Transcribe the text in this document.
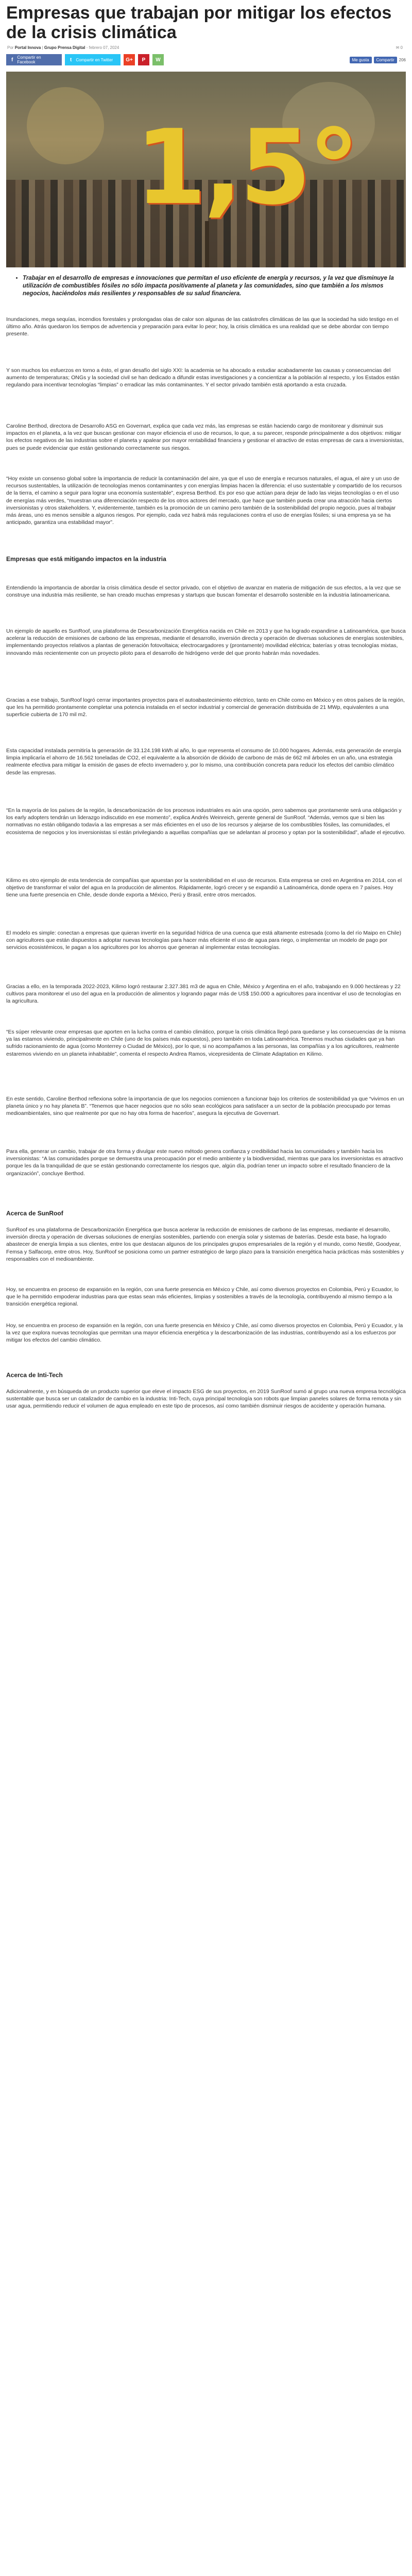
Empresas que trabajan por mitigar los efectos de la crisis climática
Por Portal Innova | Grupo Prensa Digital - febrero 07, 2024	✉ 0
f Compartir en Facebook	t Compartir en Twitter	G+	P	W	Me gusta	Compartir	206
1,5°
• Trabajar en el desarrollo de empresas e innovaciones que permitan el uso eficiente de energía y recursos, y la vez que disminuye la utilización de combustibles fósiles no sólo impacta positivamente al planeta y las comunidades, sino que también a los mismos negocios, haciéndolos más resilientes y responsables de su salud financiera.

Inundaciones, mega sequías, incendios forestales y prolongadas olas de calor son algunas de las catástrofes climáticas de las que la sociedad ha sido testigo en el último año. Atrás quedaron los tiempos de advertencia y preparación para evitar lo peor; hoy, la crisis climática es una realidad que se debe abordar con tiempo presente.

Y son muchos los esfuerzos en torno a ésto, el gran desafío del siglo XXI: la academia se ha abocado a estudiar acabadamente las causas y consecuencias del aumento de temperaturas; ONGs y la sociedad civil se han dedicado a difundir estas investigaciones y a concientizar a la población al respecto, y los Estados están regulando para incentivar tecnologías “limpias” o erradicar las más contaminantes. Y el sector privado también está aportando a esta cruzada.

Caroline Berthod, directora de Desarrollo ASG en Governart, explica que cada vez más, las empresas se están haciendo cargo de monitorear y disminuir sus impactos en el planeta, a la vez que buscan gestionar con mayor eficiencia el uso de recursos, lo que, a su parecer, responde principalmente a dos objetivos: mitigar los efectos negativos de las industrias sobre el planeta y apalear por mayor rentabilidad financiera y gestionar el atractivo de estas empresas de cara a inversionistas, pues se puede evidenciar que están gestionando correctamente sus riesgos.

“Hoy existe un consenso global sobre la importancia de reducir la contaminación del aire, ya que el uso de energía e recursos naturales, el agua, el aire y un uso de recursos sustentables, la utilización de tecnologías menos contaminantes y con energías limpias hacen la diferencia: el uso sustentable y compartido de los recursos de la tierra, el camino a seguir para lograr una economía sustentable”, expresa Berthod. Es por eso que actúan para dejar de lado las viejas tecnologías o en el uso de energías más verdes, “muestran una diferenciación respecto de los otros actores del mercado, que hace que también pueda crear una atracción hacia ciertos inversionistas y otros stakeholders. Y, evidentemente, también es la promoción de un camino pero también de la sostenibilidad del propio negocio, pues al trabajar más áreas, uno es menos sensible a algunos riesgos. Por ejemplo, cada vez habrá más regulaciones contra el uso de energías fósiles; si una empresa ya se ha anticipado, garantiza una estabilidad mayor”.

Empresas que está mitigando impactos en la industria

Entendiendo la importancia de abordar la crisis climática desde el sector privado, con el objetivo de avanzar en materia de mitigación de sus efectos, a la vez que se construye una industria más resiliente, se han creado muchas empresas y startups que buscan fomentar el desarrollo sostenible en la industria latinoamericana.

Un ejemplo de aquello es SunRoof, una plataforma de Descarbonización Energética nacida en Chile en 2013 y que ha logrado expandirse a Latinoamérica, que busca acelerar la reducción de emisiones de carbono de las empresas, mediante el desarrollo, inversión directa y operación de diversas soluciones de energías sostenibles, implementando proyectos relativos a plantas de generación fotovoltaica; electrocargadores y (prontamente) movilidad eléctrica; baterías y otras tecnologías mixtas, innovando más recientemente con un proyecto piloto para el desarrollo de hidrógeno verde del que pronto habrán más novedades.

Gracias a ese trabajo, SunRoof logró cerrar importantes proyectos para el autoabastecimiento eléctrico, tanto en Chile como en México y en otros países de la región, que les ha permitido prontamente completar una potencia instalada en el sector industrial y comercial de generación distribuida de 21 MWp, equivalentes a una superficie cubierta de 170 mil m2.

Esta capacidad instalada permitiría la generación de 33.124.198 kWh al año, lo que representa el consumo de 10.000 hogares. Además, esta generación de energía limpia implicaría el ahorro de 16.562 toneladas de CO2, el equivalente a la absorción de dióxido de carbono de más de 662 mil árboles en un año, una estrategia realmente efectiva para mitigar la emisión de gases de efecto invernadero y, por lo mismo, una contribución concreta para reducir los efectos del cambio climático desde las empresas.

“En la mayoría de los países de la región, la descarbonización de los procesos industriales es aún una opción, pero sabemos que prontamente será una obligación y los early adopters tendrán un liderazgo indiscutido en ese momento”, explica Andrés Weinreich, gerente general de SunRoof. “Además, vemos que si bien las normativas no están obligando todavía a las empresas a ser más eficientes en el uso de los recursos y alejarse de los combustibles fósiles, las comunidades, el ecosistema de negocios y los inversionistas sí están privilegiando a aquellas compañías que se adelantan al proceso y optan por la sostenibilidad”, añade el ejecutivo.

Kilimo es otro ejemplo de esta tendencia de compañías que apuestan por la sostenibilidad en el uso de recursos. Esta empresa se creó en Argentina en 2014, con el objetivo de transformar el valor del agua en la producción de alimentos. Rápidamente, logró crecer y se expandió a Latinoamérica, donde opera en 7 países. Hoy tiene una fuerte presencia en Chile, desde donde exporta a México, Perú y Brasil, entre otros mercados.

El modelo es simple: conectan a empresas que quieran invertir en la seguridad hídrica de una cuenca que está altamente estresada (como la del río Maipo en Chile) con agricultores que están dispuestos a adoptar nuevas tecnologías para hacer más eficiente el uso de agua para riego, o implementar un modelo de pago por servicios ecosistémicos, le pagan a los agricultores por los ahorros que generan al implementar estas tecnologías.

Gracias a ello, en la temporada 2022-2023, Kilimo logró restaurar 2.327.381 m3 de agua en Chile, México y Argentina en el año, trabajando en 9.000 hectáreas y 22 cultivos para monitorear el uso del agua en la producción de alimentos y logrando pagar más de US$ 150.000 a agricultores para incentivar el uso de tecnologías en la agricultura.

“Es súper relevante crear empresas que aporten en la lucha contra el cambio climático, porque la crisis climática llegó para quedarse y las consecuencias de la misma ya las estamos viviendo, principalmente en Chile (uno de los países más expuestos), pero también en toda Latinoamérica. Tenemos muchas ciudades que ya han sufrido racionamiento de agua (como Monterrey o Ciudad de México), por lo que, si no acompañamos a las personas, las compañías y a los agricultores, realmente estaremos viviendo en un planeta inhabitable”, comenta el respecto Andrea Ramos, vicepresidenta de Climate Adaptation en Kilimo.

En este sentido, Caroline Berthod reflexiona sobre la importancia de que los negocios comiencen a funcionar bajo los criterios de sostenibilidad ya que “vivimos en un planeta único y no hay planeta B”. “Tenemos que hacer negocios que no sólo sean ecológicos para satisfacer a un sector de la población preocupado por temas medioambientales, sino que realmente por que no hay otra forma de hacerlos”, asegura la ejecutiva de Governart.

Para ella, generar un cambio, trabajar de otra forma y divulgar este nuevo método genera confianza y credibilidad hacia las comunidades y también hacia los inversionistas: “A las comunidades porque se demuestra una preocupación por el medio ambiente y la biodiversidad, mientras que para los inversionistas es atractivo porque les da la tranquilidad de que se están gestionando correctamente los riesgos que, algún día, podrían tener un impacto sobre el resultado financiero de la organización”, concluye Berthod.

Acerca de SunRoof

SunRoof es una plataforma de Descarbonización Energética que busca acelerar la reducción de emisiones de carbono de las empresas, mediante el desarrollo, inversión directa y operación de diversas soluciones de energías sostenibles, partiendo con energía solar y sistemas de baterías. Desde esta base, ha logrado abastecer de energía limpia a sus clientes, entre los que destacan algunos de los principales grupos empresariales de la región y el mundo, como Nestlé, Goodyear, Femsa y Salfacorp, entre otros. Hoy, SunRoof se posiciona como un partner estratégico de largo plazo para la transición energética hacia prácticas más sostenibles y responsables con el medioambiente.

Hoy, se encuentra en proceso de expansión en la región, con una fuerte presencia en México y Chile, así como diversos proyectos en Colombia, Perú y Ecuador, lo que le ha permitido empoderar industrias para que estas sean más eficientes, limpias y sostenibles a través de la tecnología, contribuyendo al mismo tiempo a la transición energética regional.

Hoy, se encuentra en proceso de expansión en la región, con una fuerte presencia en México y Chile, así como diversos proyectos en Colombia, Perú y Ecuador, y la la vez que explora nuevas tecnologías que permitan una mayor eficiencia energética y la descarbonización de las industrias, contribuyendo así a los esfuerzos por mitigar los efectos del cambio climático.

Acerca de Inti-Tech

Adicionalmente, y en búsqueda de un producto superior que eleve el impacto ESG de sus proyectos, en 2019 SunRoof sumó al grupo una nueva empresa tecnológica sustentable que busca ser un catalizador de cambio en la industria: Inti-Tech, cuya principal tecnología son robots que limpian paneles solares de forma remota y sin usar agua, permitiendo reducir el volumen de agua empleado en este tipo de procesos, así como también disminuir riesgos de accidente y operación humana.
